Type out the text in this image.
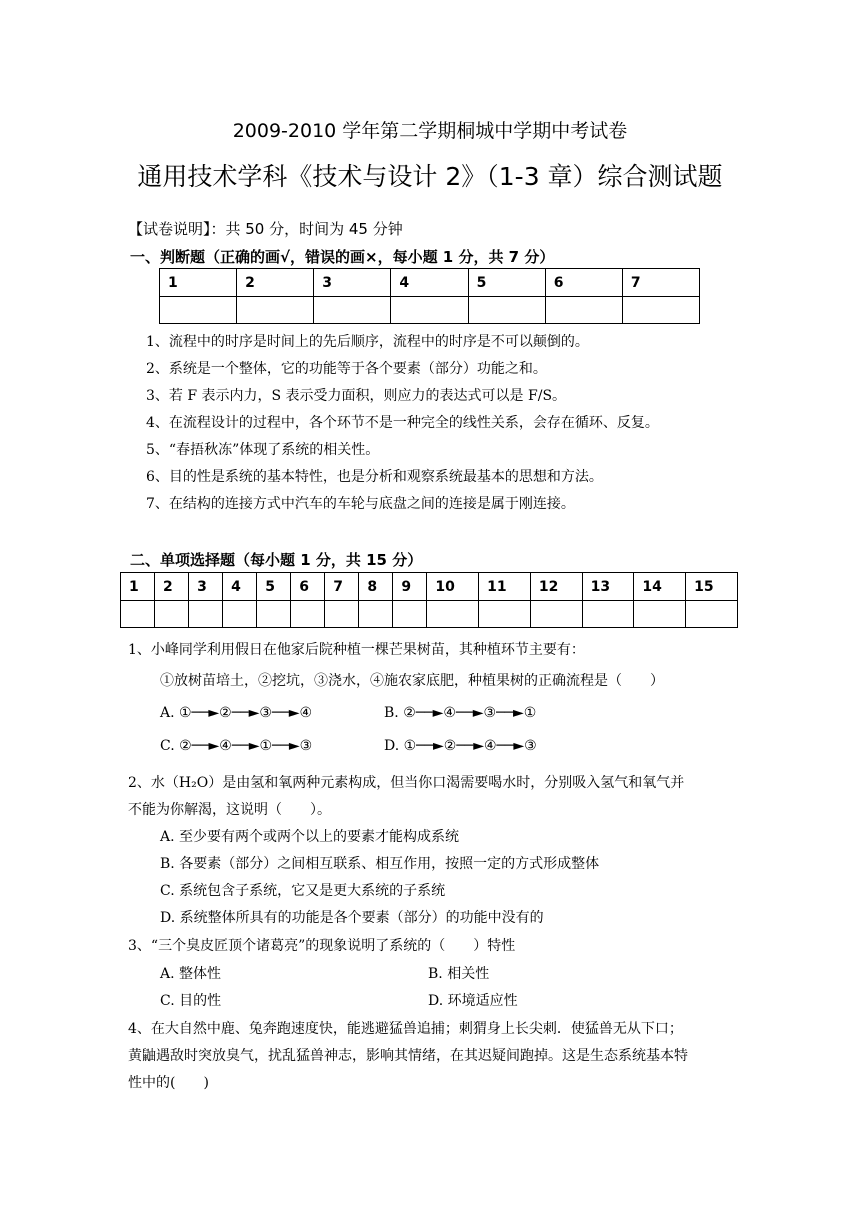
2009-2010 学年第二学期桐城中学期中考试卷
通用技术学科《技术与设计 2》（1-3 章）综合测试题
【试卷说明】：共 50 分，时间为 45 分钟
一、判断题（正确的画√，错误的画×，每小题 1 分，共 7 分）
1	2	3	4	5	6	7

1、流程中的时序是时间上的先后顺序，流程中的时序是不可以颠倒的。
2、系统是一个整体，它的功能等于各个要素（部分）功能之和。
3、若 F 表示内力，S 表示受力面积，则应力的表达式可以是 F/S。
4、在流程设计的过程中，各个环节不是一种完全的线性关系，会存在循环、反复。
5、“春捂秋冻”体现了系统的相关性。
6、目的性是系统的基本特性，也是分析和观察系统最基本的思想和方法。
7、在结构的连接方式中汽车的车轮与底盘之间的连接是属于刚连接。
二、单项选择题（每小题 1 分，共 15 分）
1	2	3	4	5	6	7	8	9	10	11	12	13	14	15

1、小峰同学利用假日在他家后院种植一棵芒果树苗，其种植环节主要有：
①放树苗培土，②挖坑，③浇水，④施农家底肥，种植果树的正确流程是（　　）
A. ①──►②──►③──►④	B. ②──►④──►③──►①
C. ②──►④──►①──►③	D. ①──►②──►④──►③
2、水（H₂O）是由氢和氧两种元素构成，但当你口渴需要喝水时，分别吸入氢气和氧气并
不能为你解渴，这说明（　　）。
A. 至少要有两个或两个以上的要素才能构成系统
B. 各要素（部分）之间相互联系、相互作用，按照一定的方式形成整体
C. 系统包含子系统，它又是更大系统的子系统
D. 系统整体所具有的功能是各个要素（部分）的功能中没有的
3、“三个臭皮匠顶个诸葛亮”的现象说明了系统的（　　）特性
A. 整体性	B. 相关性
C. 目的性	D. 环境适应性
4、在大自然中鹿、兔奔跑速度快，能逃避猛兽追捕；刺猬身上长尖刺．使猛兽无从下口；
黄鼬遇敌时突放臭气，扰乱猛兽神志，影响其情绪，在其迟疑间跑掉。这是生态系统基本特
性中的(　　)
